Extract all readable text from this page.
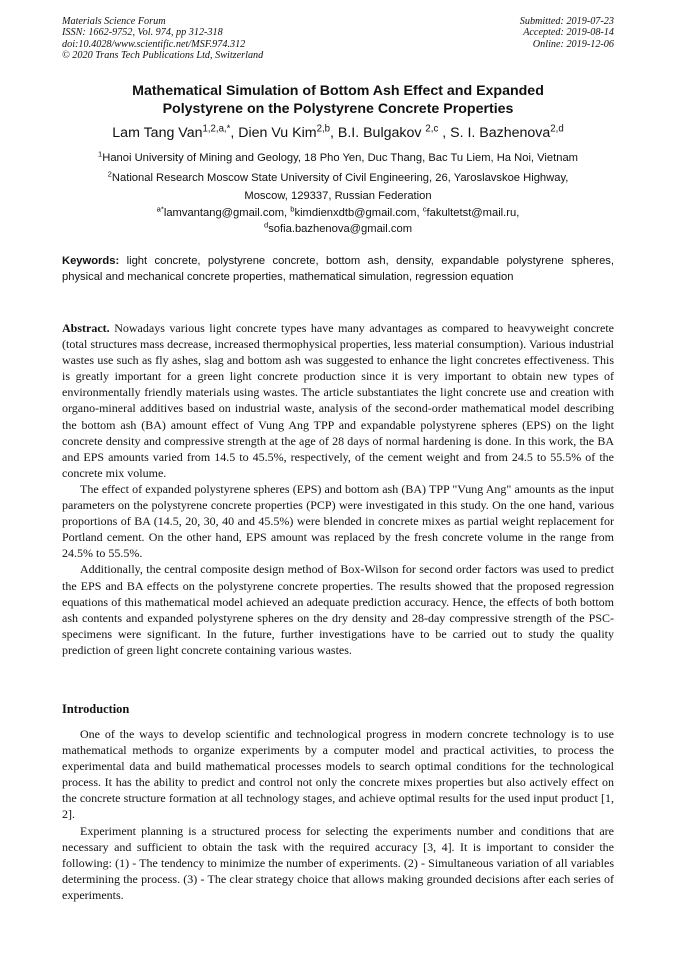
Materials Science Forum
ISSN: 1662-9752, Vol. 974, pp 312-318
doi:10.4028/www.scientific.net/MSF.974.312
© 2020 Trans Tech Publications Ltd, Switzerland
Submitted: 2019-07-23
Accepted: 2019-08-14
Online: 2019-12-06
Mathematical Simulation of Bottom Ash Effect and Expanded
Polystyrene on the Polystyrene Concrete Properties
Lam Tang Van$^{1,2,a,*}$, Dien Vu Kim$^{2,b}$, B.I. Bulgakov $^{2,c}$ , S. I. Bazhenova$^{2,d}$
$^1$Hanoi University of Mining and Geology, 18 Pho Yen, Duc Thang, Bac Tu Liem, Ha Noi, Vietnam
$^2$National Research Moscow State University of Civil Engineering, 26, Yaroslavskoe Highway,
Moscow, 129337, Russian Federation
$^{a*}$lamvantang@gmail.com, $^b$kimdienxdtb@gmail.com, $^c$fakultetst@mail.ru,
$^d$sofia.bazhenova@gmail.com
Keywords: light concrete, polystyrene concrete, bottom ash, density, expandable polystyrene spheres, physical and mechanical concrete properties, mathematical simulation, regression equation

Abstract. Nowadays various light concrete types have many advantages as compared to heavyweight concrete (total structures mass decrease, increased thermophysical properties, less material consumption). Various industrial wastes use such as fly ashes, slag and bottom ash was suggested to enhance the light concretes effectiveness. This is greatly important for a green light concrete production since it is very important to obtain new types of environmentally friendly materials using wastes. The article substantiates the light concrete use and creation with organo-mineral additives based on industrial waste, analysis of the second-order mathematical model describing the bottom ash (BA) amount effect of Vung Ang TPP and expandable polystyrene spheres (EPS) on the light concrete density and compressive strength at the age of 28 days of normal hardening is done. In this work, the BA and EPS amounts varied from 14.5 to 45.5%, respectively, of the cement weight and from 24.5 to 55.5% of the concrete mix volume.

The effect of expanded polystyrene spheres (EPS) and bottom ash (BA) TPP "Vung Ang" amounts as the input parameters on the polystyrene concrete properties (PCP) were investigated in this study. On the one hand, various proportions of BA (14.5, 20, 30, 40 and 45.5%) were blended in concrete mixes as partial weight replacement for Portland cement. On the other hand, EPS amount was replaced by the fresh concrete volume in the range from 24.5% to 55.5%.

Additionally, the central composite design method of Box-Wilson for second order factors was used to predict the EPS and BA effects on the polystyrene concrete properties. The results showed that the proposed regression equations of this mathematical model achieved an adequate prediction accuracy. Hence, the effects of both bottom ash contents and expanded polystyrene spheres on the dry density and 28-day compressive strength of the PSC-specimens were significant. In the future, further investigations have to be carried out to study the quality prediction of green light concrete containing various wastes.

Introduction

One of the ways to develop scientific and technological progress in modern concrete technology is to use mathematical methods to organize experiments by a computer model and practical activities, to process the experimental data and build mathematical processes models to search optimal conditions for the technological process. It has the ability to predict and control not only the concrete mixes properties but also actively effect on the concrete structure formation at all technology stages, and achieve optimal results for the used input product [1, 2].

Experiment planning is a structured process for selecting the experiments number and conditions that are necessary and sufficient to obtain the task with the required accuracy [3, 4]. It is important to consider the following: (1) - The tendency to minimize the number of experiments. (2) - Simultaneous variation of all variables determining the process. (3) - The clear strategy choice that allows making grounded decisions after each series of experiments.
